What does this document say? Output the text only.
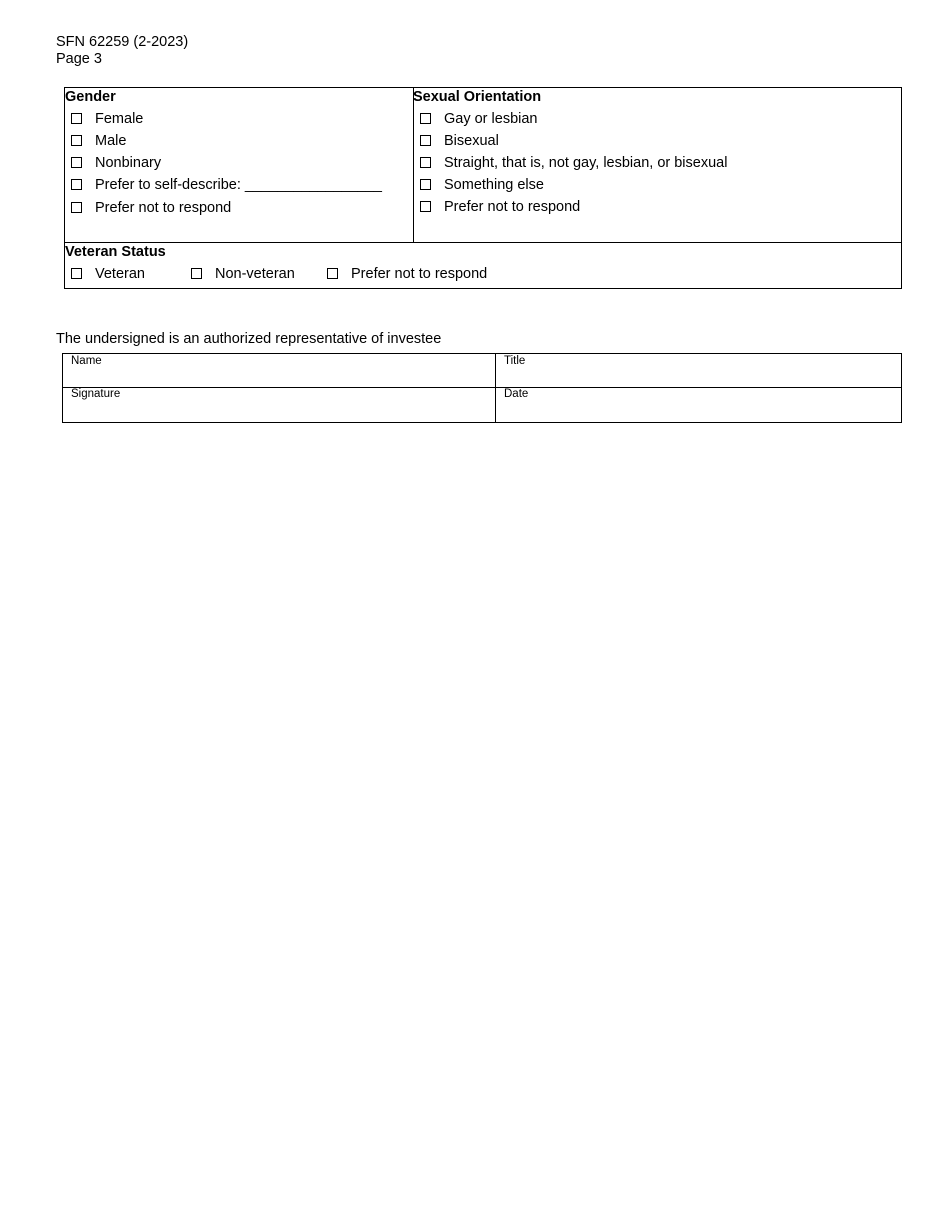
SFN 62259 (2-2023)
Page 3
Gender
Female
Male
Nonbinary
Prefer to self-describe: _________________
Prefer not to respond
Sexual Orientation
Gay or lesbian
Bisexual
Straight, that is, not gay, lesbian, or bisexual
Something else
Prefer not to respond
Veteran Status
Veteran	Non-veteran	Prefer not to respond
The undersigned is an authorized representative of investee
Name	Title
Signature	Date
